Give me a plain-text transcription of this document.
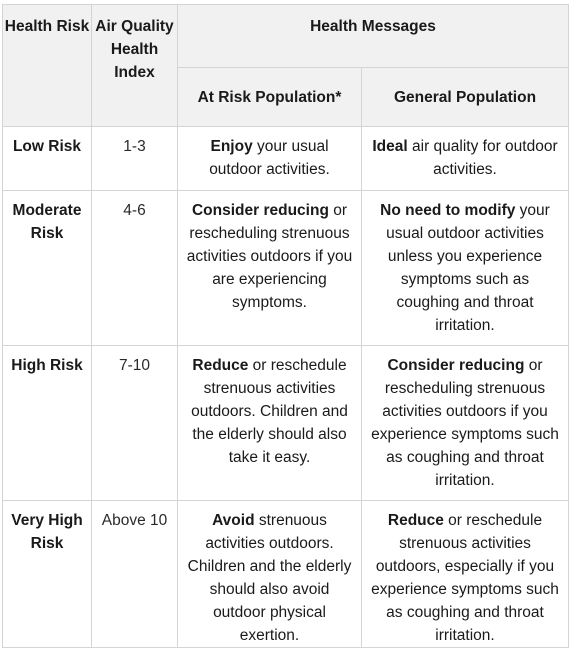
Health Risk	Air Quality Health Index	Health Messages	
		At Risk Population*	General Population
Low Risk	1-3	Enjoy your usual outdoor activities.	Ideal air quality for outdoor activities.
Moderate Risk	4-6	Consider reducing or rescheduling strenuous activities outdoors if you are experiencing symptoms.	No need to modify your usual outdoor activities unless you experience symptoms such as coughing and throat irritation.
High Risk	7-10	Reduce or reschedule strenuous activities outdoors. Children and the elderly should also take it easy.	Consider reducing or rescheduling strenuous activities outdoors if you experience symptoms such as coughing and throat irritation.
Very High Risk	Above 10	Avoid strenuous activities outdoors. Children and the elderly should also avoid outdoor physical exertion.	Reduce or reschedule strenuous activities outdoors, especially if you experience symptoms such as coughing and throat irritation.
